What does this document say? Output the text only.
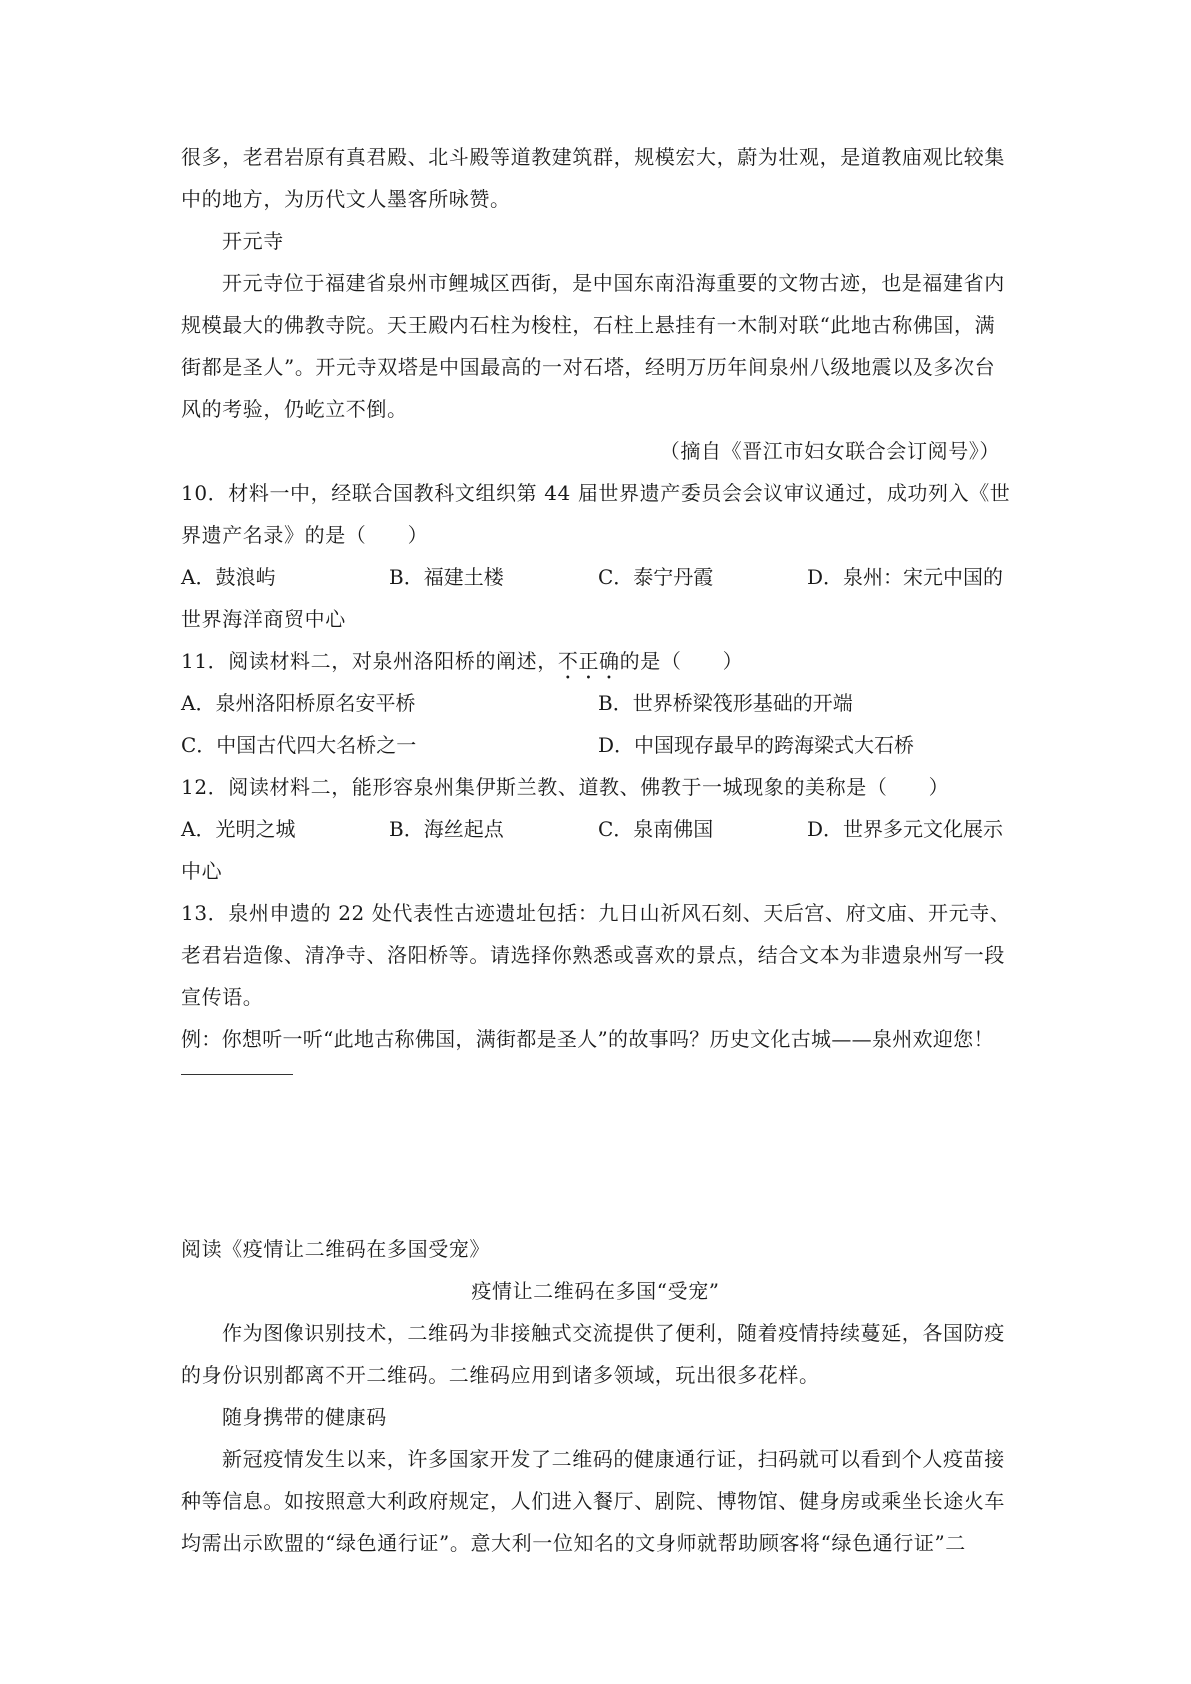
很多，老君岩原有真君殿、北斗殿等道教建筑群，规模宏大，蔚为壮观，是道教庙观比较集
中的地方，为历代文人墨客所咏赞。
开元寺
开元寺位于福建省泉州市鲤城区西街，是中国东南沿海重要的文物古迹，也是福建省内
规模最大的佛教寺院。天王殿内石柱为梭柱，石柱上悬挂有一木制对联“此地古称佛国，满
街都是圣人”。开元寺双塔是中国最高的一对石塔，经明万历年间泉州八级地震以及多次台
风的考验，仍屹立不倒。
（摘自《晋江市妇女联合会订阅号》）
10．材料一中，经联合国教科文组织第 44 届世界遗产委员会会议审议通过，成功列入《世
界遗产名录》的是（　　）
A．鼓浪屿	B．福建土楼	C．泰宁丹霞	D．泉州：宋元中国的
世界海洋商贸中心
11．阅读材料二，对泉州洛阳桥的阐述，不正确的是（　　）
A．泉州洛阳桥原名安平桥	B．世界桥梁筏形基础的开端
C．中国古代四大名桥之一	D．中国现存最早的跨海梁式大石桥
12．阅读材料二，能形容泉州集伊斯兰教、道教、佛教于一城现象的美称是（　　）
A．光明之城	B．海丝起点	C．泉南佛国	D．世界多元文化展示
中心
13．泉州申遗的 22 处代表性古迹遗址包括：九日山祈风石刻、天后宫、府文庙、开元寺、
老君岩造像、清净寺、洛阳桥等。请选择你熟悉或喜欢的景点，结合文本为非遗泉州写一段
宣传语。
例：你想听一听“此地古称佛国，满街都是圣人”的故事吗？历史文化古城——泉州欢迎您！
阅读《疫情让二维码在多国受宠》
疫情让二维码在多国“受宠”
作为图像识别技术，二维码为非接触式交流提供了便利，随着疫情持续蔓延，各国防疫
的身份识别都离不开二维码。二维码应用到诸多领域，玩出很多花样。
随身携带的健康码
新冠疫情发生以来，许多国家开发了二维码的健康通行证，扫码就可以看到个人疫苗接
种等信息。如按照意大利政府规定，人们进入餐厅、剧院、博物馆、健身房或乘坐长途火车
均需出示欧盟的“绿色通行证”。意大利一位知名的文身师就帮助顾客将“绿色通行证”二
